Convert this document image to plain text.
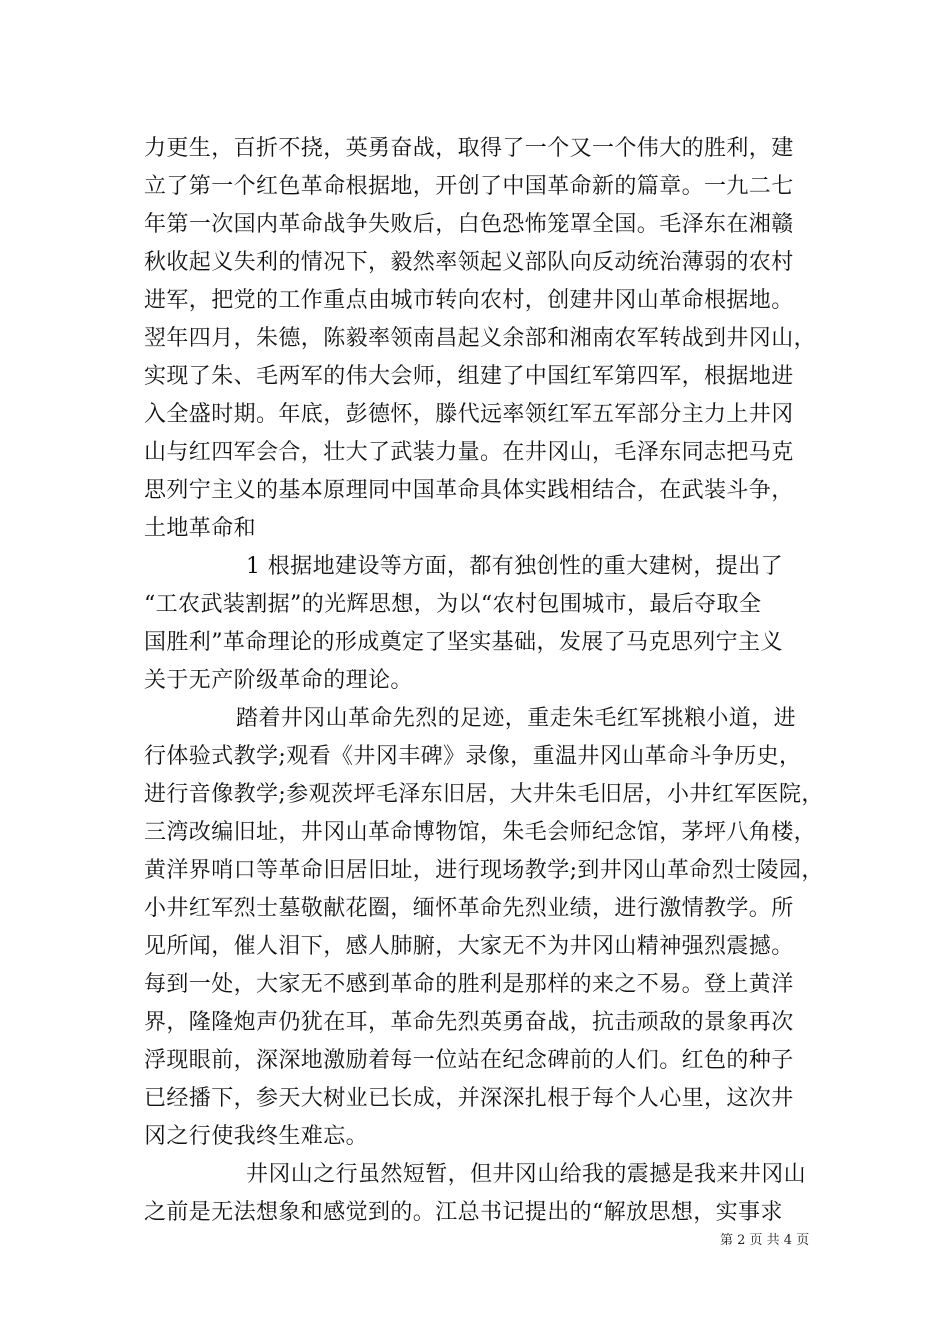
力更生，百折不挠，英勇奋战，取得了一个又一个伟大的胜利，建
立了第一个红色革命根据地，开创了中国革命新的篇章。一九二七
年第一次国内革命战争失败后，白色恐怖笼罩全国。毛泽东在湘赣
秋收起义失利的情况下，毅然率领起义部队向反动统治薄弱的农村
进军，把党的工作重点由城市转向农村，创建井冈山革命根据地。
翌年四月，朱德，陈毅率领南昌起义余部和湘南农军转战到井冈山，
实现了朱、毛两军的伟大会师，组建了中国红军第四军，根据地进
入全盛时期。年底，彭德怀，滕代远率领红军五军部分主力上井冈
山与红四军会合，壮大了武装力量。在井冈山，毛泽东同志把马克
思列宁主义的基本原理同中国革命具体实践相结合，在武装斗争，
土地革命和
1 根据地建设等方面，都有独创性的重大建树，提出了
“工农武装割据”的光辉思想，为以“农村包围城市，最后夺取全
国胜利”革命理论的形成奠定了坚实基础，发展了马克思列宁主义
关于无产阶级革命的理论。
踏着井冈山革命先烈的足迹，重走朱毛红军挑粮小道，进
行体验式教学;观看《井冈丰碑》录像，重温井冈山革命斗争历史，
进行音像教学;参观茨坪毛泽东旧居，大井朱毛旧居，小井红军医院，
三湾改编旧址，井冈山革命博物馆，朱毛会师纪念馆，茅坪八角楼，
黄洋界哨口等革命旧居旧址，进行现场教学;到井冈山革命烈士陵园，
小井红军烈士墓敬献花圈，缅怀革命先烈业绩，进行激情教学。所
见所闻，催人泪下，感人肺腑，大家无不为井冈山精神强烈震撼。
每到一处，大家无不感到革命的胜利是那样的来之不易。登上黄洋
界，隆隆炮声仍犹在耳，革命先烈英勇奋战，抗击顽敌的景象再次
浮现眼前，深深地激励着每一位站在纪念碑前的人们。红色的种子
已经播下，参天大树业已长成，并深深扎根于每个人心里，这次井
冈之行使我终生难忘。
井冈山之行虽然短暂，但井冈山给我的震撼是我来井冈山
之前是无法想象和感觉到的。江总书记提出的“解放思想，实事求
第 2 页 共 4 页
